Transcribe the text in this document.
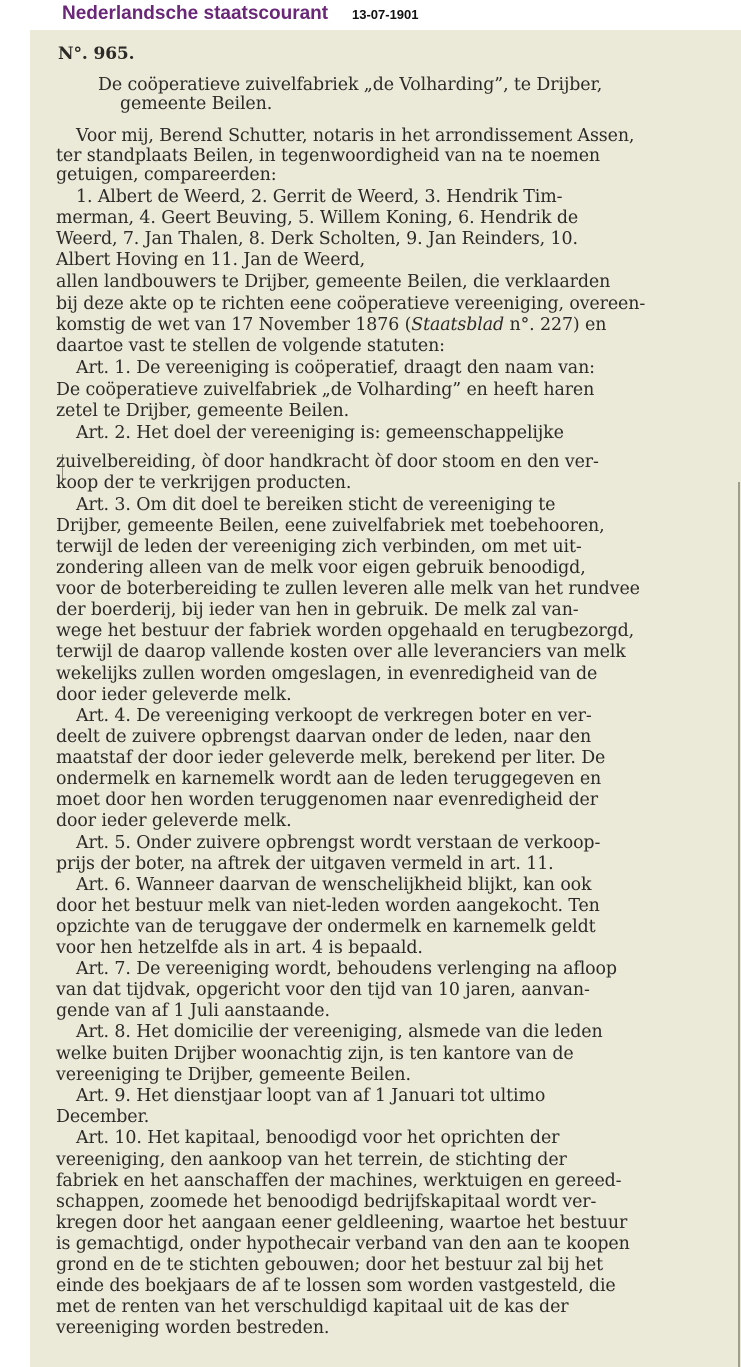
Nederlandsche staatscourant 13-07-1901
N°. 965.
De coöperatieve zuivelfabriek „de Volharding”, te Drijber,
gemeente Beilen.
Voor mij, Berend Schutter, notaris in het arrondissement Assen,
ter standplaats Beilen, in tegenwoordigheid van na te noemen
getuigen, compareerden:
1. Albert de Weerd, 2. Gerrit de Weerd, 3. Hendrik Tim-
merman, 4. Geert Beuving, 5. Willem Koning, 6. Hendrik de
Weerd, 7. Jan Thalen, 8. Derk Scholten, 9. Jan Reinders, 10.
Albert Hoving en 11. Jan de Weerd,
allen landbouwers te Drijber, gemeente Beilen, die verklaarden
bij deze akte op te richten eene coöperatieve vereeniging, overeen-
komstig de wet van 17 November 1876 (Staatsblad n°. 227) en
daartoe vast te stellen de volgende statuten:
Art. 1. De vereeniging is coöperatief, draagt den naam van:
De coöperatieve zuivelfabriek „de Volharding” en heeft haren
zetel te Drijber, gemeente Beilen.
Art. 2. Het doel der vereeniging is: gemeenschappelijke
zuivelbereiding, òf door handkracht òf door stoom en den ver-
koop der te verkrijgen producten.
Art. 3. Om dit doel te bereiken sticht de vereeniging te
Drijber, gemeente Beilen, eene zuivelfabriek met toebehooren,
terwijl de leden der vereeniging zich verbinden, om met uit-
zondering alleen van de melk voor eigen gebruik benoodigd,
voor de boterbereiding te zullen leveren alle melk van het rundvee
der boerderij, bij ieder van hen in gebruik. De melk zal van-
wege het bestuur der fabriek worden opgehaald en terugbezorgd,
terwijl de daarop vallende kosten over alle leveranciers van melk
wekelijks zullen worden omgeslagen, in evenredigheid van de
door ieder geleverde melk.
Art. 4. De vereeniging verkoopt de verkregen boter en ver-
deelt de zuivere opbrengst daarvan onder de leden, naar den
maatstaf der door ieder geleverde melk, berekend per liter. De
ondermelk en karnemelk wordt aan de leden teruggegeven en
moet door hen worden teruggenomen naar evenredigheid der
door ieder geleverde melk.
Art. 5. Onder zuivere opbrengst wordt verstaan de verkoop-
prijs der boter, na aftrek der uitgaven vermeld in art. 11.
Art. 6. Wanneer daarvan de wenschelijkheid blijkt, kan ook
door het bestuur melk van niet-leden worden aangekocht. Ten
opzichte van de teruggave der ondermelk en karnemelk geldt
voor hen hetzelfde als in art. 4 is bepaald.
Art. 7. De vereeniging wordt, behoudens verlenging na afloop
van dat tijdvak, opgericht voor den tijd van 10 jaren, aanvan-
gende van af 1 Juli aanstaande.
Art. 8. Het domicilie der vereeniging, alsmede van die leden
welke buiten Drijber woonachtig zijn, is ten kantore van de
vereeniging te Drijber, gemeente Beilen.
Art. 9. Het dienstjaar loopt van af 1 Januari tot ultimo
December.
Art. 10. Het kapitaal, benoodigd voor het oprichten der
vereeniging, den aankoop van het terrein, de stichting der
fabriek en het aanschaffen der machines, werktuigen en gereed-
schappen, zoomede het benoodigd bedrijfskapitaal wordt ver-
kregen door het aangaan eener geldleening, waartoe het bestuur
is gemachtigd, onder hypothecair verband van den aan te koopen
grond en de te stichten gebouwen; door het bestuur zal bij het
einde des boekjaars de af te lossen som worden vastgesteld, die
met de renten van het verschuldigd kapitaal uit de kas der
vereeniging worden bestreden.
